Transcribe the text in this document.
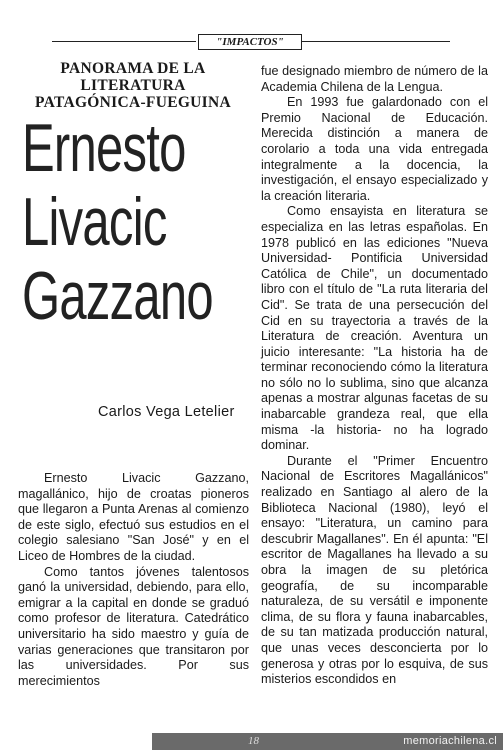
"IMPACTOS"

PANORAMA DE LA

LITERATURA

PATAGÓNICA-FUEGUINA

Ernesto

Livacic

Gazzano

Carlos Vega Letelier

Ernesto Livacic Gazzano, magallánico, hijo de croatas pioneros que llegaron a Punta Arenas al comienzo de este siglo, efectuó sus estudios en el colegio salesiano "San José" y en el Liceo de Hombres de la ciudad.

Como tantos jóvenes talentosos ganó la universidad, debiendo, para ello, emigrar a la capital en donde se graduó como profesor de literatura. Catedrático universitario ha sido maestro y guía de varias generaciones que transitaron por las universidades. Por sus merecimientos

fue designado miembro de número de la Academia Chilena de la Lengua.

En 1993 fue galardonado con el Premio Nacional de Educación. Merecida distinción a manera de corolario a toda una vida entregada integralmente a la docencia, la investigación, el ensayo especializado y la creación literaria.

Como ensayista en literatura se especializa en las letras españolas. En 1978 publicó en las ediciones "Nueva Universidad- Pontificia Universidad Católica de Chile", un documentado libro con el título de "La ruta literaria del Cid". Se trata de una persecución del Cid en su trayectoria a través de la Literatura de creación. Aventura un juicio interesante: "La historia ha de terminar reconociendo cómo la literatura no sólo no lo sublima, sino que alcanza apenas a mostrar algunas facetas de su inabarcable grandeza real, que ella misma -la historia- no ha logrado dominar.

Durante el "Primer Encuentro Nacional de Escritores Magallánicos" realizado en Santiago al alero de la Biblioteca Nacional (1980), leyó el ensayo: "Literatura, un camino para descubrir Magallanes". En él apunta: "El escritor de Magallanes ha llevado a su obra la imagen de su pletórica geografía, de su incomparable naturaleza, de su versátil e imponente clima, de su flora y fauna inabarcables, de su tan matizada producción natural, que unas veces desconcierta por lo generosa y otras por lo esquiva, de sus misterios escondidos en

18	memoriachilena.cl
